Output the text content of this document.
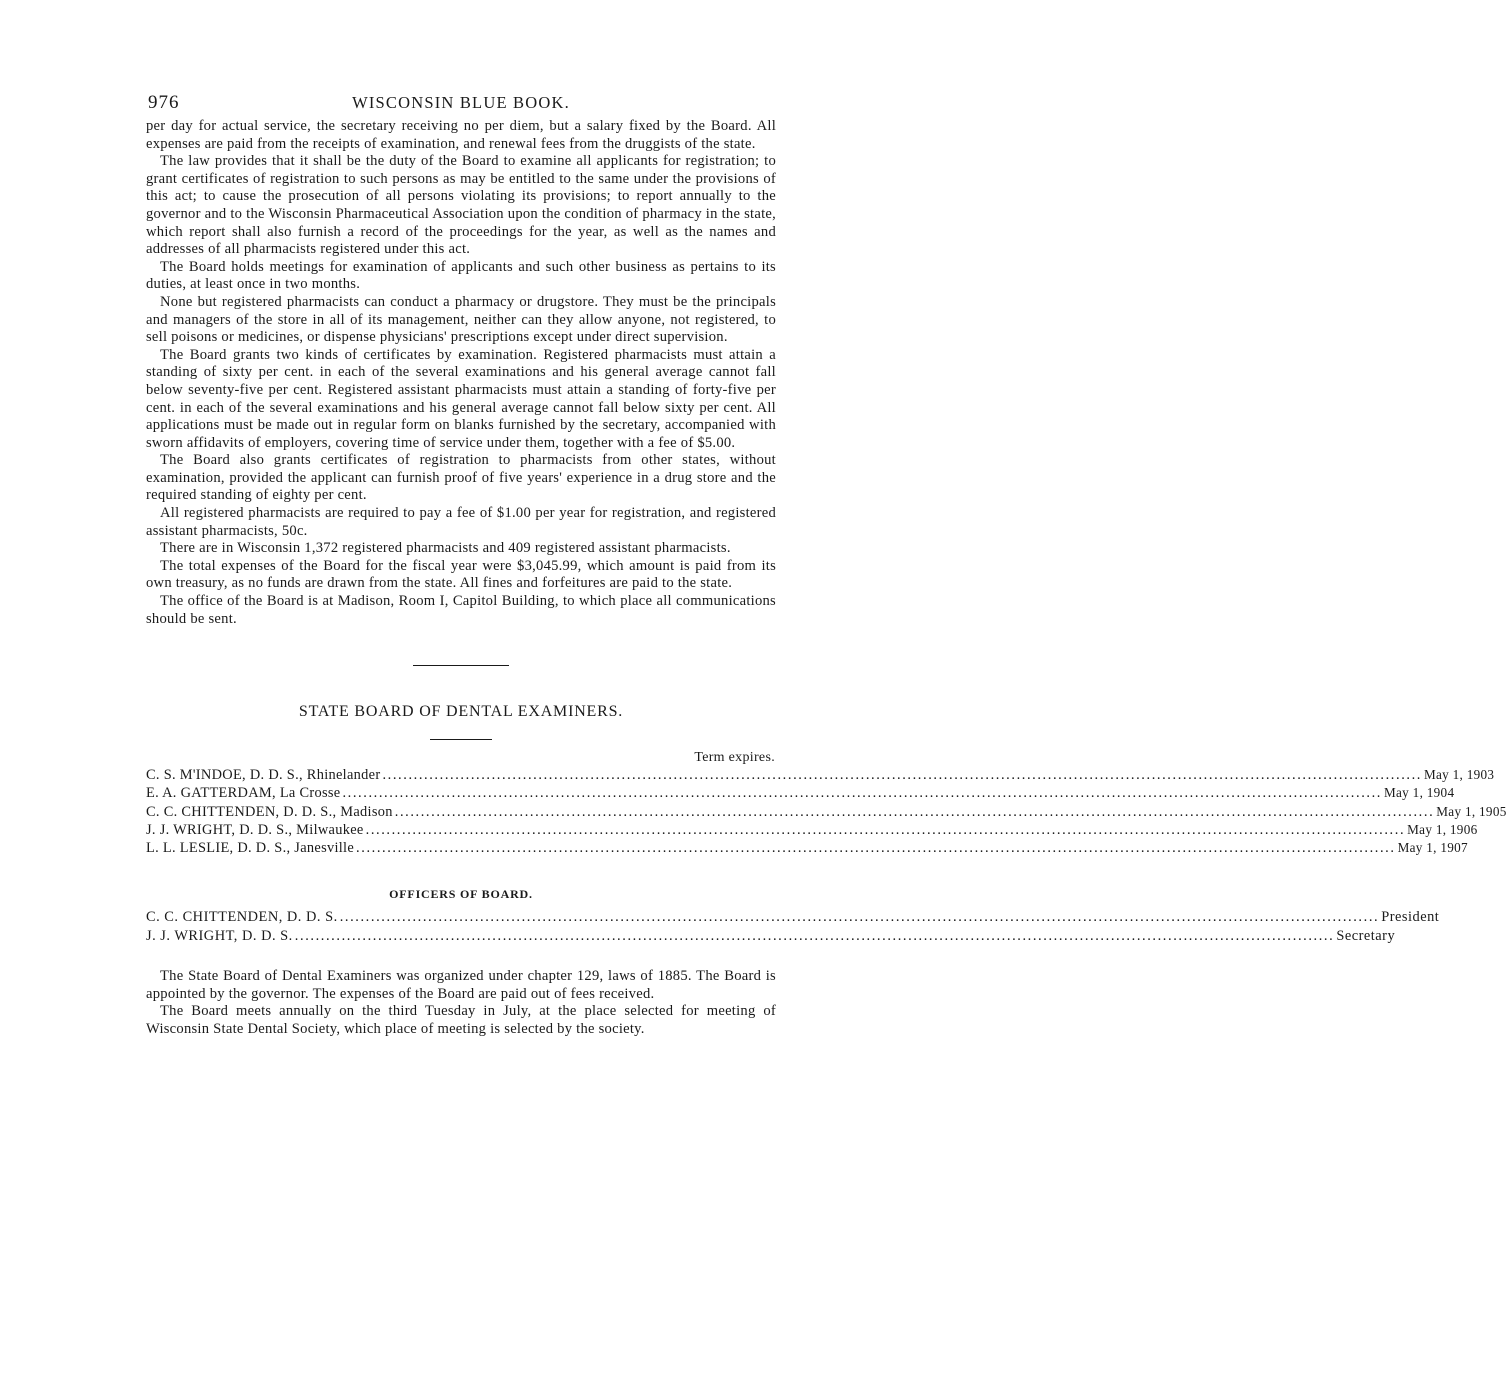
976	WISCONSIN BLUE BOOK.

per day for actual service, the secretary receiving no per diem, but a salary fixed by the Board. All expenses are paid from the receipts of examination, and renewal fees from the druggists of the state.

The law provides that it shall be the duty of the Board to examine all applicants for registration; to grant certificates of registration to such persons as may be entitled to the same under the provisions of this act; to cause the prosecution of all persons violating its provisions; to report annually to the governor and to the Wisconsin Pharmaceutical Association upon the condition of pharmacy in the state, which report shall also furnish a record of the proceedings for the year, as well as the names and addresses of all pharmacists registered under this act.

The Board holds meetings for examination of applicants and such other business as pertains to its duties, at least once in two months.

None but registered pharmacists can conduct a pharmacy or drugstore. They must be the principals and managers of the store in all of its management, neither can they allow anyone, not registered, to sell poisons or medicines, or dispense physicians' prescriptions except under direct supervision.

The Board grants two kinds of certificates by examination. Registered pharmacists must attain a standing of sixty per cent. in each of the several examinations and his general average cannot fall below seventy-five per cent. Registered assistant pharmacists must attain a standing of forty-five per cent. in each of the several examinations and his general average cannot fall below sixty per cent. All applications must be made out in regular form on blanks furnished by the secretary, accompanied with sworn affidavits of employers, covering time of service under them, together with a fee of $5.00.

The Board also grants certificates of registration to pharmacists from other states, without examination, provided the applicant can furnish proof of five years' experience in a drug store and the required standing of eighty per cent.

All registered pharmacists are required to pay a fee of $1.00 per year for registration, and registered assistant pharmacists, 50c.

There are in Wisconsin 1,372 registered pharmacists and 409 registered assistant pharmacists.

The total expenses of the Board for the fiscal year were $3,045.99, which amount is paid from its own treasury, as no funds are drawn from the state. All fines and forfeitures are paid to the state.

The office of the Board is at Madison, Room I, Capitol Building, to which place all communications should be sent.

STATE BOARD OF DENTAL EXAMINERS.
Term expires.
C. S. M'INDOE, D. D. S., Rhinelander ........................................................................................................................................................................................................ May 1, 1903
E. A. GATTERDAM, La Crosse ........................................................................................................................................................................................................ May 1, 1904
C. C. CHITTENDEN, D. D. S., Madison ........................................................................................................................................................................................................ May 1, 1905
J. J. WRIGHT, D. D. S., Milwaukee ........................................................................................................................................................................................................ May 1, 1906
L. L. LESLIE, D. D. S., Janesville ........................................................................................................................................................................................................ May 1, 1907
OFFICERS OF BOARD.
C. C. CHITTENDEN, D. D. S. ........................................................................................................................................................................................................ President
J. J. WRIGHT, D. D. S. ........................................................................................................................................................................................................ Secretary

The State Board of Dental Examiners was organized under chapter 129, laws of 1885. The Board is appointed by the governor. The expenses of the Board are paid out of fees received.

The Board meets annually on the third Tuesday in July, at the place selected for meeting of Wisconsin State Dental Society, which place of meeting is selected by the society.
